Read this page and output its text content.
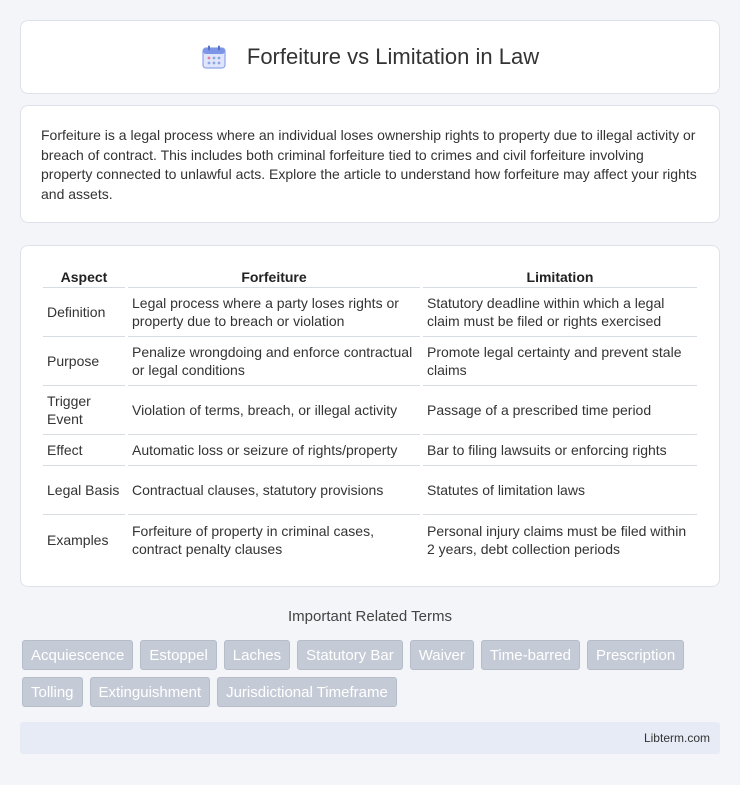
Forfeiture vs Limitation in Law

Forfeiture is a legal process where an individual loses ownership rights to property due to illegal activity or breach of contract. This includes both criminal forfeiture tied to crimes and civil forfeiture involving property connected to unlawful acts. Explore the article to understand how forfeiture may affect your rights and assets.

Aspect	Forfeiture	Limitation
Definition	Legal process where a party loses rights or property due to breach or violation	Statutory deadline within which a legal claim must be filed or rights exercised
Purpose	Penalize wrongdoing and enforce contractual or legal conditions	Promote legal certainty and prevent stale claims
Trigger Event	Violation of terms, breach, or illegal activity	Passage of a prescribed time period
Effect	Automatic loss or seizure of rights/property	Bar to filing lawsuits or enforcing rights
Legal Basis	Contractual clauses, statutory provisions	Statutes of limitation laws
Examples	Forfeiture of property in criminal cases, contract penalty clauses	Personal injury claims must be filed within 2 years, debt collection periods
Important Related Terms
Acquiescence	Estoppel	Laches	Statutory Bar	Waiver	Time-barred	Prescription
Tolling	Extinguishment	Jurisdictional Timeframe
Libterm.com
